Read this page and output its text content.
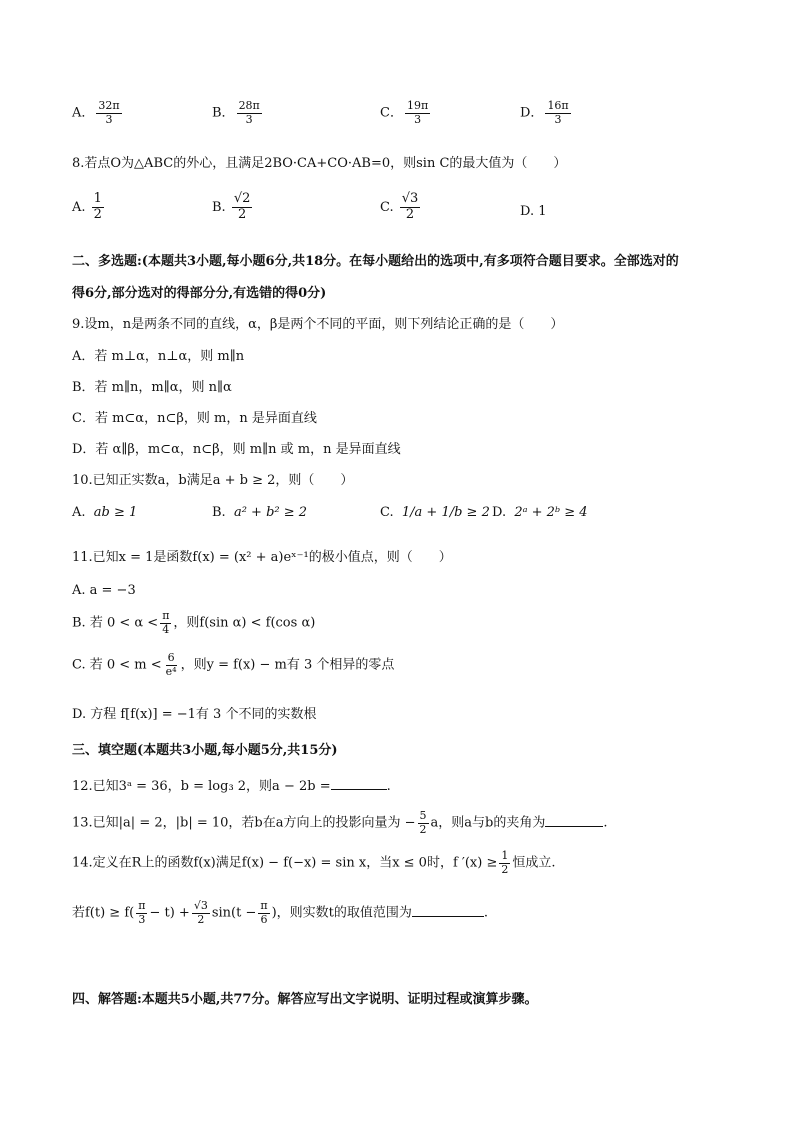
A． $\frac{32\pi}{3}$	B． $\frac{28\pi}{3}$	C． $\frac{19\pi}{3}$	D． $\frac{16\pi}{3}$
8.若点O为△ABC的外心，且满足2BO·CA+CO·AB=0，则sin C的最大值为（　　）
A. $\frac{1}{2}$	B. $\frac{√2}{2}$	C. $\frac{√3}{2}$	D. 1
二、多选题:(本题共3小题,每小题6分,共18分。在每小题给出的选项中,有多项符合题目要求。全部选对的
得6分,部分选对的得部分分,有选错的得0分)
9.设m，n是两条不同的直线，α，β是两个不同的平面，则下列结论正确的是（　　）
A．若 m⊥α，n⊥α，则 m∥n
B．若 m∥n，m∥α，则 n∥α
C．若 m⊂α，n⊂β，则 m，n 是异面直线
D．若 α∥β，m⊂α，n⊂β，则 m∥n 或 m，n 是异面直线
10.已知正实数a，b满足a + b ≥ 2，则（　　）
A. ab ≥ 1	B. a² + b² ≥ 2	C. 1/a + 1/b ≥ 2 D. 2ᵃ + 2ᵇ ≥ 4
11.已知x = 1是函数f(x) = (x² + a)eˣ⁻¹的极小值点，则（　　）
A. a = −3
B. 若 $0 < \alpha < \frac{\pi}{4}$ ，则f(sin α) < f(cos α)
C. 若 $0 < m < \frac{6}{\text{e⁴}}$ ，则y = f(x) − m有 3 个相异的零点
D. 方程 f[f(x)] = −1有 3 个不同的实数根
三、填空题(本题共3小题,每小题5分,共15分)
12.已知3ᵃ = 36，b = log₃ 2，则a − 2b =	.
13.已知|a| = 2，|b| = 10，若b在a方向上的投影向量为 − $\frac{5}{2}$ a，则a与b的夹角为	.
14.定义在R上的函数f(x)满足f(x) − f(−x) = sin x，当x ≤ 0时，f $'(x) \ge \frac{1}{2}$ 恒成立.
若$f(t) \ge f( \frac{\pi}{3} - t) + \frac{√3}{2} \sin(t - \frac{\pi}{6}$ )，则实数t的取值范围为	.
四、解答题:本题共5小题,共77分。解答应写出文字说明、证明过程或演算步骤。
